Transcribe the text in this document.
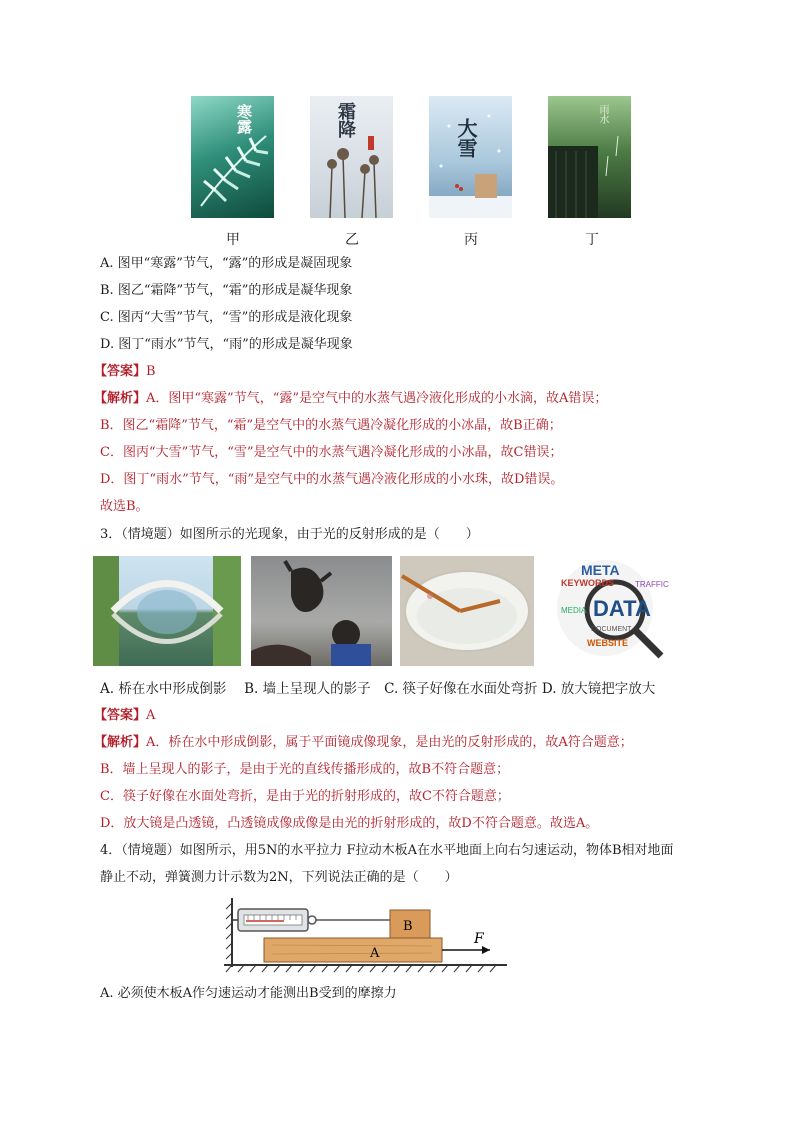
寒露	霜降	大雪
雨水
甲	乙	丙	丁
A. 图甲“寒露”节气，“露”的形成是凝固现象
B. 图乙“霜降”节气，“霜”的形成是凝华现象
C. 图丙“大雪”节气，“雪”的形成是液化现象
D. 图丁“雨水”节气，“雨”的形成是凝华现象
【答案】B
【解析】A．图甲“寒露”节气，“露”是空气中的水蒸气遇冷液化形成的小水滴，故A错误；
B．图乙“霜降”节气，“霜”是空气中的水蒸气遇冷凝化形成的小冰晶，故B正确；
C．图丙“大雪”节气，“雪”是空气中的水蒸气遇冷凝化形成的小冰晶，故C错误；
D．图丁“雨水”节气，“雨”是空气中的水蒸气遇冷液化形成的小水珠，故D错误。
故选B。
3．（情境题）如图所示的光现象，由于光的反射形成的是（　　）
META
KEYWORDS	TRAFFIC
DATA
MEDIA
DOCUMENT
WEBSITE
A. 桥在水中形成倒影　 B. 墙上呈现人的影子　C. 筷子好像在水面处弯折 D. 放大镜把字放大
【答案】A
【解析】A．桥在水中形成倒影，属于平面镜成像现象，是由光的反射形成的，故A符合题意；
B．墙上呈现人的影子，是由于光的直线传播形成的，故B不符合题意；
C．筷子好像在水面处弯折，是由于光的折射形成的，故C不符合题意；
D．放大镜是凸透镜，凸透镜成像成像是由光的折射形成的，故D不符合题意。故选A。
4．（情境题）如图所示，用5N的水平拉力 F拉动木板A在水平地面上向右匀速运动，物体B相对地面
静止不动，弹簧测力计示数为2N，下列说法正确的是（　　）
B
A
F
A. 必须使木板A作匀速运动才能测出B受到的摩擦力
